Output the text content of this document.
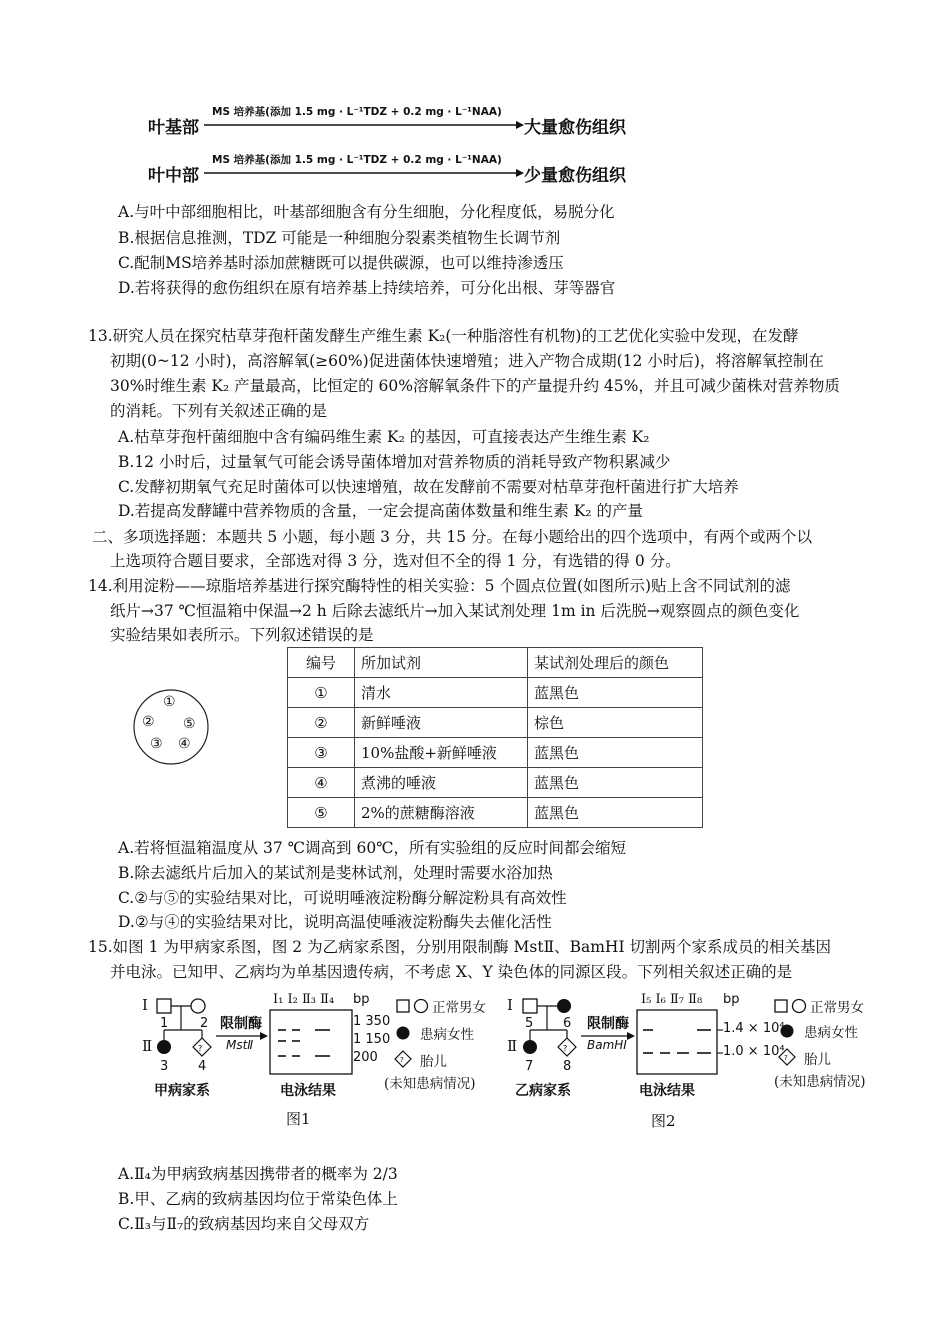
叶基部
MS 培养基(添加 1.5 mg · L⁻¹TDZ + 0.2 mg · L⁻¹NAA)
大量愈伤组织
叶中部
MS 培养基(添加 1.5 mg · L⁻¹TDZ + 0.2 mg · L⁻¹NAA)
少量愈伤组织
A.与叶中部细胞相比，叶基部细胞含有分生细胞，分化程度低，易脱分化
B.根据信息推测，TDZ 可能是一种细胞分裂素类植物生长调节剂
C.配制MS培养基时添加蔗糖既可以提供碳源，也可以维持渗透压
D.若将获得的愈伤组织在原有培养基上持续培养，可分化出根、芽等器官
13.研究人员在探究枯草芽孢杆菌发酵生产维生素 K₂(一种脂溶性有机物)的工艺优化实验中发现，在发酵
初期(0~12 小时)，高溶解氧(≥60%)促进菌体快速增殖；进入产物合成期(12 小时后)，将溶解氧控制在
30%时维生素 K₂ 产量最高，比恒定的 60%溶解氧条件下的产量提升约 45%，并且可减少菌株对营养物质
的消耗。下列有关叙述正确的是
A.枯草芽孢杆菌细胞中含有编码维生素 K₂ 的基因，可直接表达产生维生素 K₂
B.12 小时后，过量氧气可能会诱导菌体增加对营养物质的消耗导致产物积累减少
C.发酵初期氧气充足时菌体可以快速增殖，故在发酵前不需要对枯草芽孢杆菌进行扩大培养
D.若提高发酵罐中营养物质的含量，一定会提高菌体数量和维生素 K₂ 的产量
二、多项选择题：本题共 5 小题，每小题 3 分，共 15 分。在每小题给出的四个选项中，有两个或两个以
上选项符合题目要求，全部选对得 3 分，选对但不全的得 1 分，有选错的得 0 分。
14.利用淀粉——琼脂培养基进行探究酶特性的相关实验：5 个圆点位置(如图所示)贴上含不同试剂的滤
纸片→37 ℃恒温箱中保温→2 h 后除去滤纸片→加入某试剂处理 1m in 后洗脱→观察圆点的颜色变化
实验结果如表所示。下列叙述错误的是
①
② ⑤
③ ④
编号	所加试剂	某试剂处理后的颜色
①	清水	蓝黑色
②	新鲜唾液	棕色
③	10%盐酸+新鲜唾液	蓝黑色
④	煮沸的唾液	蓝黑色
⑤	2%的蔗糖酶溶液	蓝黑色
A.若将恒温箱温度从 37 ℃调高到 60℃，所有实验组的反应时间都会缩短
B.除去滤纸片后加入的某试剂是斐林试剂，处理时需要水浴加热
C.②与⑤的实验结果对比，可说明唾液淀粉酶分解淀粉具有高效性
D.②与④的实验结果对比，说明高温使唾液淀粉酶失去催化活性
15.如图 1 为甲病家系图，图 2 为乙病家系图，分别用限制酶 MstⅡ、BamHⅠ 切割两个家系成员的相关基因
并电泳。已知甲、乙病均为单基因遗传病，不考虑 X、Y 染色体的同源区段。下列相关叙述正确的是
?
?
Ⅰ
Ⅱ
1 2
3 4
限制酶
MstⅡ
Ⅰ₁ Ⅰ₂ Ⅱ₃ Ⅱ₄ bp
1 350
1 150
200
正常男女
患病女性
胎儿
(未知患病情况)
甲病家系	电泳结果
图1
?
?
Ⅰ
Ⅱ
5 6
7 8
限制酶
BamHⅠ
Ⅰ₅ Ⅰ₆ Ⅱ₇ Ⅱ₈ bp
1.4 × 10⁴
1.0 × 10⁴
正常男女
患病女性
胎儿
(未知患病情况)
乙病家系	电泳结果
图2
A.Ⅱ₄为甲病致病基因携带者的概率为 2/3
B.甲、乙病的致病基因均位于常染色体上
C.Ⅱ₃与Ⅱ₇的致病基因均来自父母双方
